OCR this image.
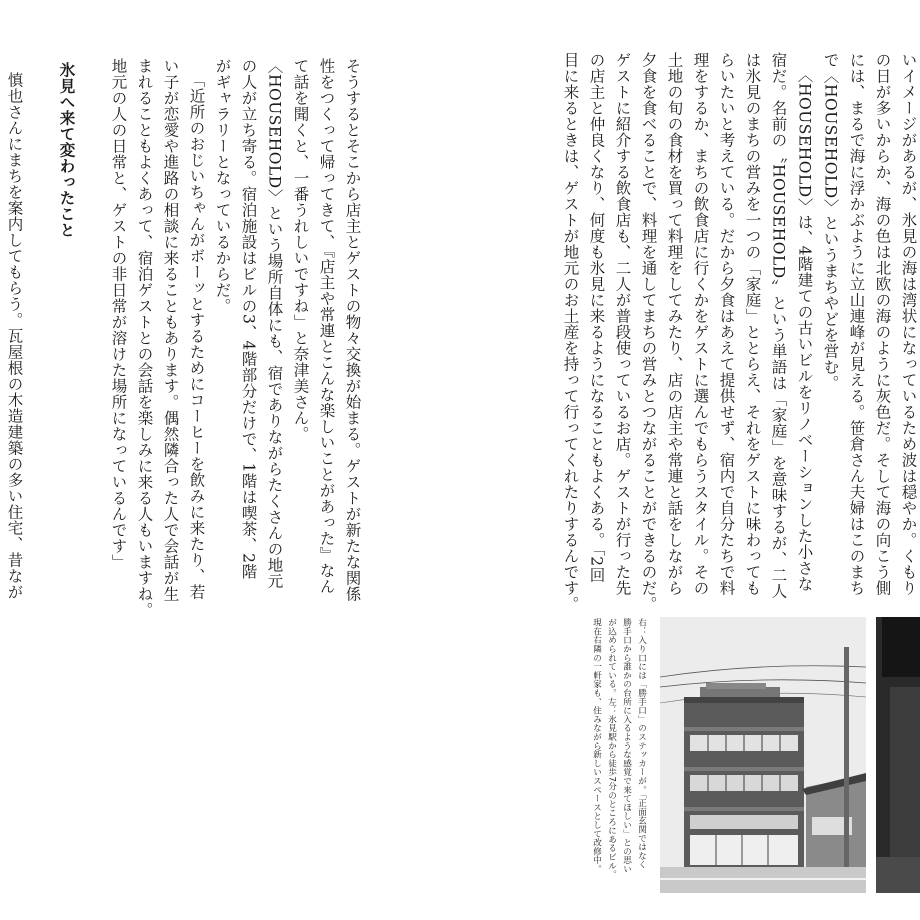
いイメージがあるが、氷見の海は湾状になっているため波は穏やか。くもり
の日が多いからか、海の色は北欧の海のように灰色だ。そして海の向こう側
には、まるで海に浮かぶように立山連峰が見える。笹倉さん夫婦はこのまち
で〈HOUSEHOLD〉というまちやどを営む。
〈HOUSEHOLD〉は、4階建ての古いビルをリノベーションした小さな
宿だ。名前の〝HOUSEHOLD〟という単語は「家庭」を意味するが、二人
は氷見のまちの営みを一つの「家庭」ととらえ、それをゲストに味わっても
らいたいと考えている。だから夕食はあえて提供せず、宿内で自分たちで料
理をするか、まちの飲食店に行くかをゲストに選んでもらうスタイル。その
土地の旬の食材を買って料理をしてみたり、店の店主や常連と話をしながら
夕食を食べることで、料理を通してまちの営みとつながることができるのだ。
ゲストに紹介する飲食店も、二人が普段使っているお店。ゲストが行った先
の店主と仲良くなり、何度も氷見に来るようになることもよくある。「2回
目に来るときは、ゲストが地元のお土産を持って行ってくれたりするんです。
そうするとそこから店主とゲストの物々交換が始まる。ゲストが新たな関係
性をつくって帰ってきて、『店主や常連とこんな楽しいことがあった』なん
て話を聞くと、一番うれしいですね」と奈津美さん。
〈HOUSEHOLD〉という場所自体にも、宿でありながらたくさんの地元
の人が立ち寄る。宿泊施設はビルの3、4階部分だけで、1階は喫茶、2階
がギャラリーとなっているからだ。
「近所のおじいちゃんがボーッとするためにコーヒーを飲みに来たり、若
い子が恋愛や進路の相談に来ることもあります。偶然隣合った人で会話が生
まれることもよくあって、宿泊ゲストとの会話を楽しみに来る人もいますね。
地元の人の日常と、ゲストの非日常が溶けた場所になっているんです」
氷見へ来て変わったこと
慎也さんにまちを案内してもらう。瓦屋根の木造建築の多い住宅、昔なが
右：入り口には「勝手口」のステッカーが。「正面玄関ではなく
勝手口から誰かの台所に入るような感覚で来てほしい」との思い
が込められている。左：氷見駅から徒歩7分のところにあるビル。
現在右隣の一軒家も、住みながら新しいスペースとして改修中。
